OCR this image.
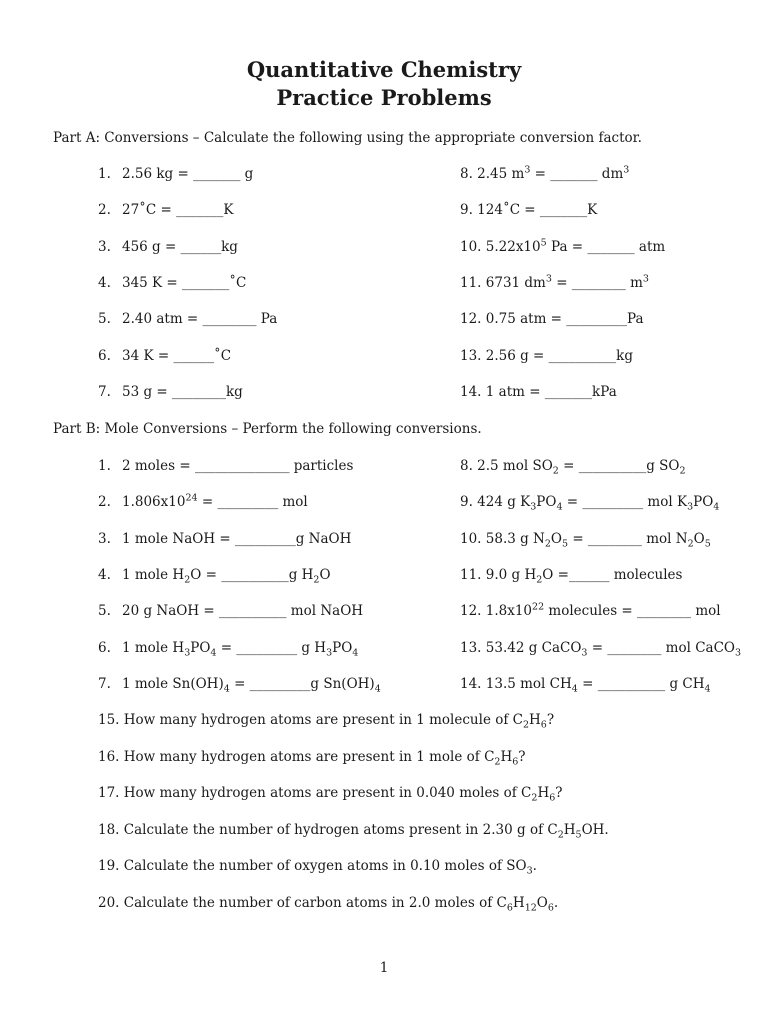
Quantitative Chemistry
Practice Problems
Part A: Conversions – Calculate the following using the appropriate conversion factor.
1. 2.56 kg = _______ g	8. 2.45 $m^3$ = _______ $dm^3$
2. 27˚C = _______K	9. 124˚C = _______K
3. 456 g = ______kg	10. $5.22x10^5$ Pa = _______ atm
4. 345 K = _______˚C	11. 6731 $dm^3$ = ________ $m^3$
5. 2.40 atm = ________ Pa	12. 0.75 atm = _________Pa
6. 34 K = ______˚C	13. 2.56 g = __________kg
7. 53 g = ________kg	14. 1 atm = _______kPa
Part B: Mole Conversions – Perform the following conversions.
1. 2 moles = ______________ particles	8. 2.5 mol $SO_2$ = __________g $SO_2$
2. $1.806x10^{24}$ = _________ mol	9. 424 g $K_3PO_4$ = _________ mol $K_3PO_4$
3. 1 mole NaOH = _________g NaOH	10. 58.3 g $N_2O_5$ = ________ mol $N_2O_5$
4. 1 mole $H_2O$ = __________g $H_2O$	11. 9.0 g $H_2O$ =______ molecules
5. 20 g NaOH = __________ mol NaOH	12. $1.8x10^{22}$ molecules = ________ mol
6. 1 mole $H_3PO_4$ = _________ g $H_3PO_4$	13. 53.42 g CaCO$_3$ = ________ mol CaCO$_3$
7. 1 mole $Sn(OH)_4$ = _________g $Sn(OH)_4$	14. 13.5 mol $CH_4$ = __________ g $CH_4$
15. How many hydrogen atoms are present in 1 molecule of $C_2H_6$?
16. How many hydrogen atoms are present in 1 mole of $C_2H_6$?
17. How many hydrogen atoms are present in 0.040 moles of $C_2H_6$?
18. Calculate the number of hydrogen atoms present in 2.30 g of $C_2H_5OH$.
19. Calculate the number of oxygen atoms in 0.10 moles of $SO_3$.
20. Calculate the number of carbon atoms in 2.0 moles of $C_6H_{12}O_6$.
1
